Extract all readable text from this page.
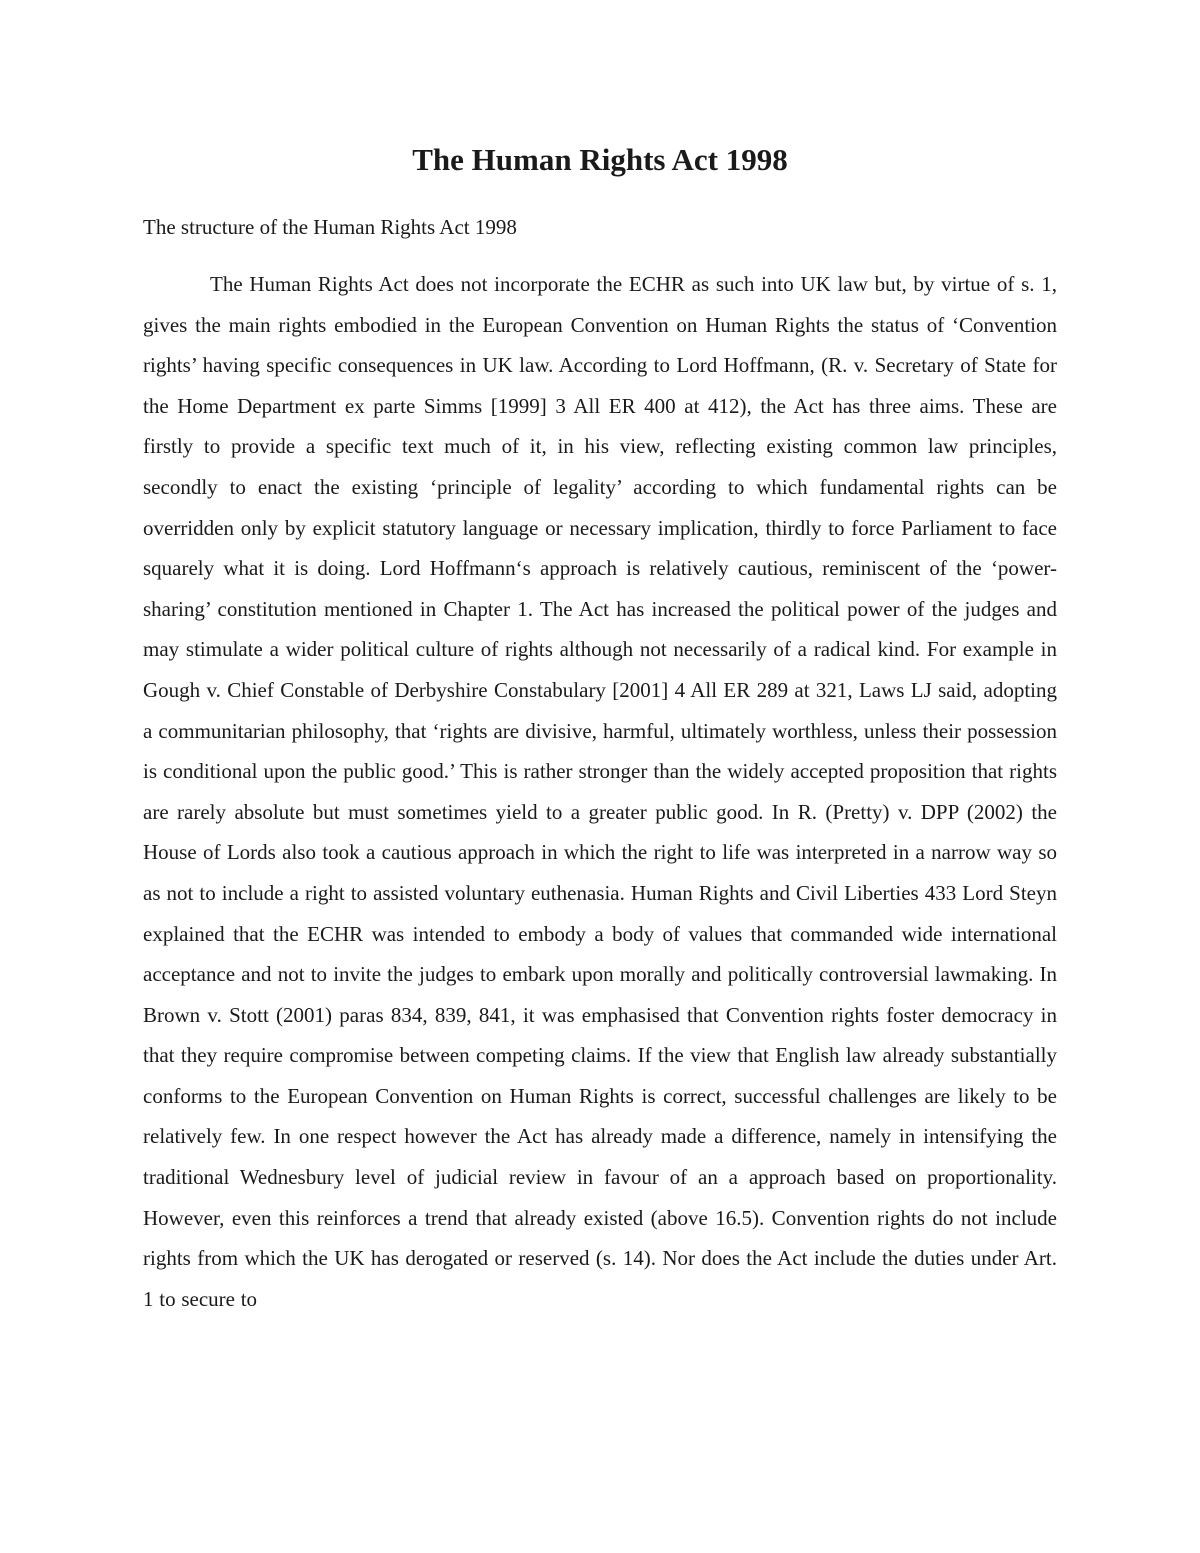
The Human Rights Act 1998

The structure of the Human Rights Act 1998

The Human Rights Act does not incorporate the ECHR as such into UK law but, by virtue of s. 1, gives the main rights embodied in the European Convention on Human Rights the status of ‘Convention rights’ having specific consequences in UK law. According to Lord Hoffmann, (R. v. Secretary of State for the Home Department ex parte Simms [1999] 3 All ER 400 at 412), the Act has three aims. These are firstly to provide a specific text much of it, in his view, reflecting existing common law principles, secondly to enact the existing ‘principle of legality’ according to which fundamental rights can be overridden only by explicit statutory language or necessary implication, thirdly to force Parliament to face squarely what it is doing. Lord Hoffmann‘s approach is relatively cautious, reminiscent of the ‘power-sharing’ constitution mentioned in Chapter 1. The Act has increased the political power of the judges and may stimulate a wider political culture of rights although not necessarily of a radical kind. For example in Gough v. Chief Constable of Derbyshire Constabulary [2001] 4 All ER 289 at 321, Laws LJ said, adopting a communitarian philosophy, that ‘rights are divisive, harmful, ultimately worthless, unless their possession is conditional upon the public good.’ This is rather stronger than the widely accepted proposition that rights are rarely absolute but must sometimes yield to a greater public good. In R. (Pretty) v. DPP (2002) the House of Lords also took a cautious approach in which the right to life was interpreted in a narrow way so as not to include a right to assisted voluntary euthenasia. Human Rights and Civil Liberties 433 Lord Steyn explained that the ECHR was intended to embody a body of values that commanded wide international acceptance and not to invite the judges to embark upon morally and politically controversial lawmaking. In Brown v. Stott (2001) paras 834, 839, 841, it was emphasised that Convention rights foster democracy in that they require compromise between competing claims. If the view that English law already substantially conforms to the European Convention on Human Rights is correct, successful challenges are likely to be relatively few. In one respect however the Act has already made a difference, namely in intensifying the traditional Wednesbury level of judicial review in favour of an a approach based on proportionality. However, even this reinforces a trend that already existed (above 16.5). Convention rights do not include rights from which the UK has derogated or reserved (s. 14). Nor does the Act include the duties under Art. 1 to secure to
